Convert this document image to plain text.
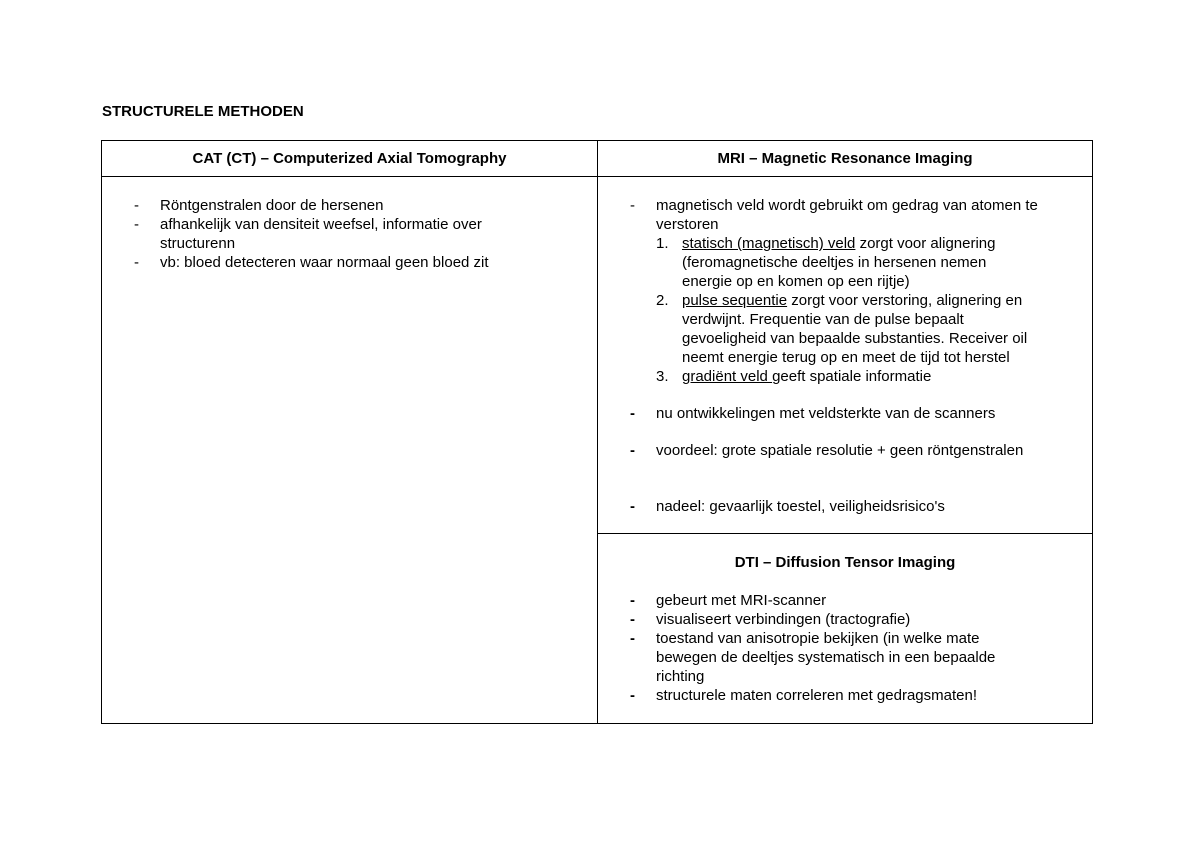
STRUCTURELE METHODEN
CAT (CT) – Computerized Axial Tomography	MRI – Magnetic Resonance Imaging
- Röntgenstralen door de hersenen
- afhankelijk van densiteit weefsel, informatie over structurenn
- vb: bloed detecteren waar normaal geen bloed zit
- magnetisch veld wordt gebruikt om gedrag van atomen te verstoren
1. statisch (magnetisch) veld zorgt voor alignering (feromagnetische deeltjes in hersenen nemen energie op en komen op een rijtje)
2. pulse sequentie zorgt voor verstoring, alignering en verdwijnt. Frequentie van de pulse bepaalt gevoeligheid van bepaalde substanties. Receiver oil neemt energie terug op en meet de tijd tot herstel
3. gradiënt veld geeft spatiale informatie
- nu ontwikkelingen met veldsterkte van de scanners
- voordeel: grote spatiale resolutie + geen röntgenstralen
- nadeel: gevaarlijk toestel, veiligheidsrisico's
DTI – Diffusion Tensor Imaging
- gebeurt met MRI-scanner
- visualiseert verbindingen (tractografie)
- toestand van anisotropie bekijken (in welke mate bewegen de deeltjes systematisch in een bepaalde richting
- structurele maten correleren met gedragsmaten!
